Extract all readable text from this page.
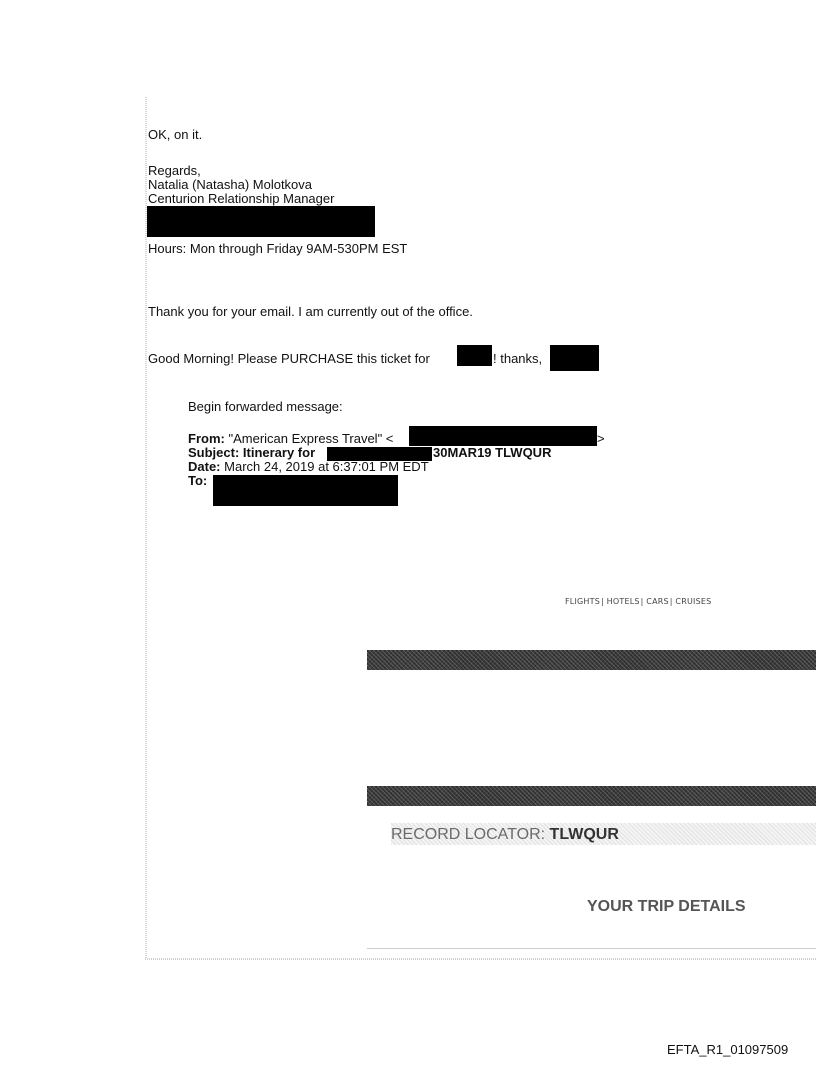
OK, on it.
Regards,
Natalia (Natasha) Molotkova
Centurion Relationship Manager
Hours: Mon through Friday 9AM-530PM EST
Thank you for your email. I am currently out of the office.
Good Morning! Please PURCHASE this ticket for	! thanks,
Begin forwarded message:
From: "American Express Travel" <	>
Subject: Itinerary for	30MAR19 TLWQUR
Date: March 24, 2019 at 6:37:01 PM EDT
To:
FLIGHTS| HOTELS| CARS| CRUISES
RECORD LOCATOR: TLWQUR
YOUR TRIP DETAILS
EFTA_R1_01097509
